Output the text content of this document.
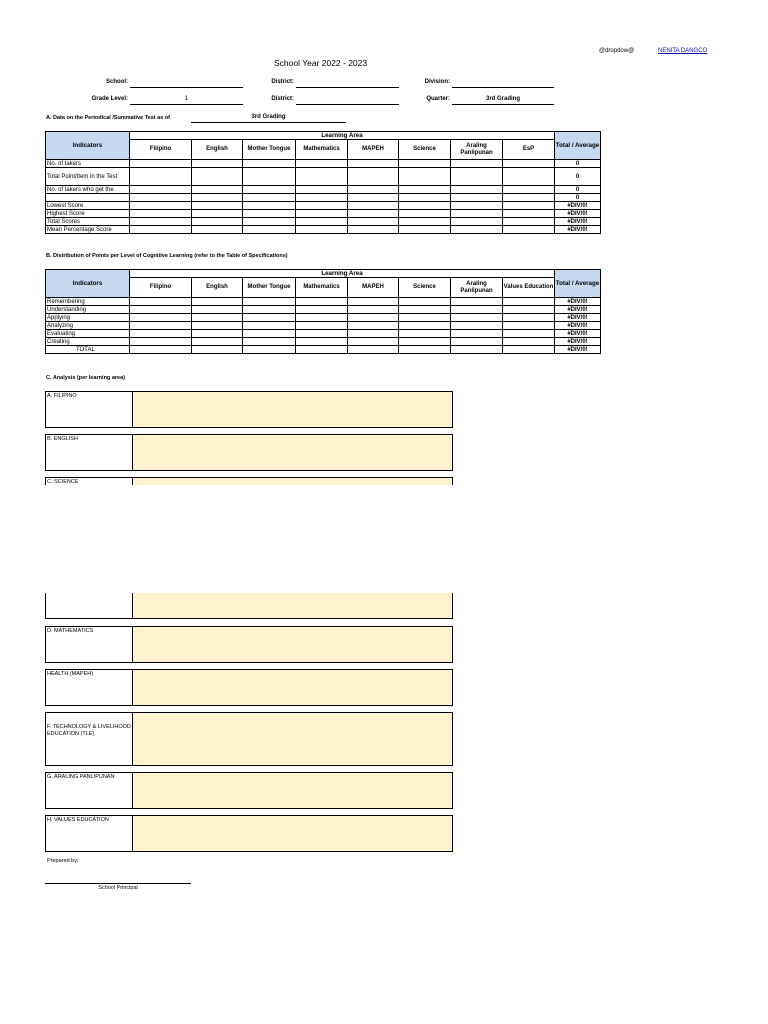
@dropdow@	NENITA DANGCO
School Year 2022 - 2023
School:	District:	Division:
Grade Level:	1	District:	Quarter:	3rd Grading
A. Data on the Periodical /Summative Test as of	3rd Grading
Indicators	Learning Area								Total / Average
	Filipino	English	Mother Tongue	Mathematics	MAPEH	Science	Araling Panlipunan	EsP	
No. of takers									0
Total Point/Item in the Test									0
No. of takers who get the									0
									0
Lowest Score									#DIV/0!
Highest Score									#DIV/0!
Total Scores									#DIV/0!
Mean Percentage Score									#DIV/0!
B. Distribution of Points per Level of Cognitive Learning (refer to the Table of Specifications)
Indicators	Learning Area								Total / Average
	Filipino	English	Mother Tongue	Mathematics	MAPEH	Science	Araling Panlipunan	Values Education	
Remembering									#DIV/0!
Understanding									#DIV/0!
Applying									#DIV/0!
Analyzing									#DIV/0!
Evaluating									#DIV/0!
Creating									#DIV/0!
TOTAL									#DIV/0!
C. Analysis (per learning area)
A. FILIPINO
B. ENGLISH
C. SCIENCE
D. MATHEMATICS
HEALTH (MAPEH)
F. TECHNOLOGY & LIVELIHOOD EDUCATION (TLE)
G. ARALING PANLIPUNAN
H. VALUES EDUCATION
Prepared by:
School Principal
